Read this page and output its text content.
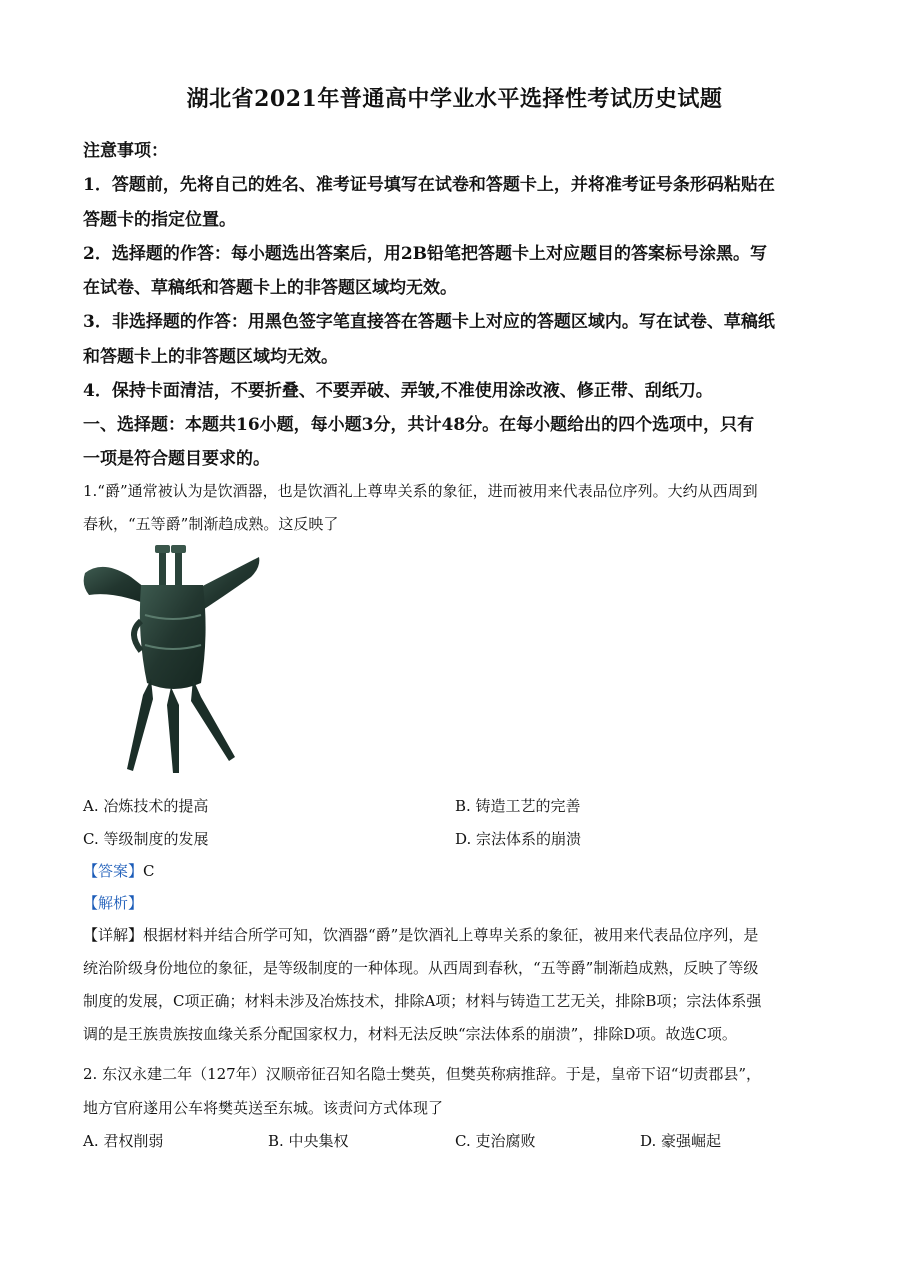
湖北省2021年普通高中学业水平选择性考试历史试题
注意事项：
1．答题前，先将自己的姓名、准考证号填写在试卷和答题卡上，并将准考证号条形码粘贴在
答题卡的指定位置。
2．选择题的作答：每小题选出答案后，用2B铅笔把答题卡上对应题目的答案标号涂黑。写
在试卷、草稿纸和答题卡上的非答题区域均无效。
3．非选择题的作答：用黑色签字笔直接答在答题卡上对应的答题区域内。写在试卷、草稿纸
和答题卡上的非答题区域均无效。
4．保持卡面清洁，不要折叠、不要弄破、弄皱,不准使用涂改液、修正带、刮纸刀。
一、选择题：本题共16小题，每小题3分，共计48分。在每小题给出的四个选项中，只有
一项是符合题目要求的。
1.“爵”通常被认为是饮酒器，也是饮酒礼上尊卑关系的象征，进而被用来代表品位序列。大约从西周到
春秋，“五等爵”制渐趋成熟。这反映了
A. 冶炼技术的提高	B. 铸造工艺的完善
C. 等级制度的发展	D. 宗法体系的崩溃
【答案】C
【解析】
【详解】根据材料并结合所学可知，饮酒器“爵”是饮酒礼上尊卑关系的象征，被用来代表品位序列，是
统治阶级身份地位的象征，是等级制度的一种体现。从西周到春秋，“五等爵”制渐趋成熟，反映了等级
制度的发展，C项正确；材料未涉及冶炼技术，排除A项；材料与铸造工艺无关，排除B项；宗法体系强
调的是王族贵族按血缘关系分配国家权力，材料无法反映“宗法体系的崩溃”，排除D项。故选C项。
2. 东汉永建二年（127年）汉顺帝征召知名隐士樊英，但樊英称病推辞。于是，皇帝下诏“切责郡县”，
地方官府遂用公车将樊英送至东城。该责问方式体现了
A. 君权削弱	B. 中央集权	C. 吏治腐败	D. 豪强崛起
